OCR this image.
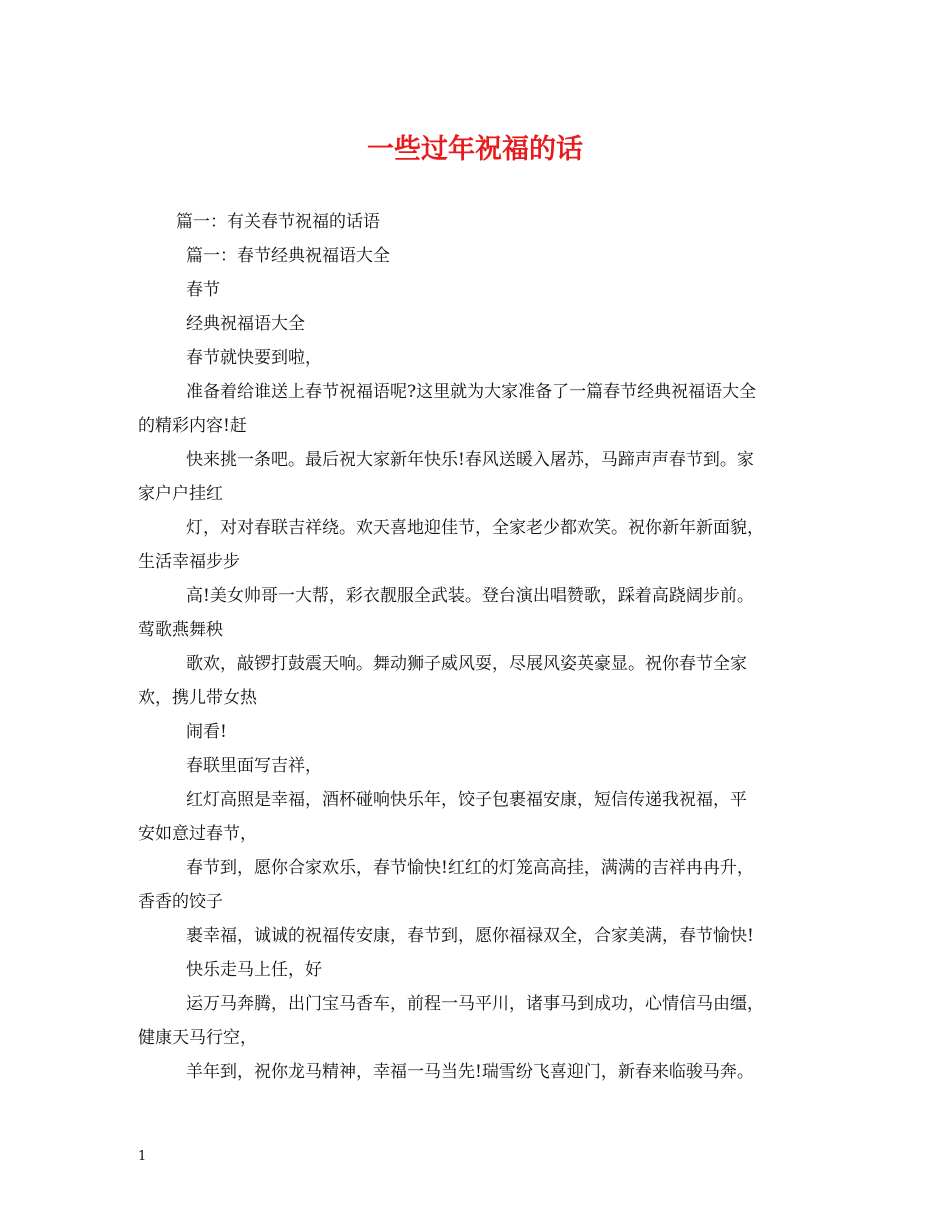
一些过年祝福的话
篇一：有关春节祝福的话语
篇一：春节经典祝福语大全
春节
经典祝福语大全
春节就快要到啦，
准备着给谁送上春节祝福语呢?这里就为大家准备了一篇春节经典祝福语大全
的精彩内容!赶
快来挑一条吧。最后祝大家新年快乐!春风送暖入屠苏，马蹄声声春节到。家
家户户挂红
灯，对对春联吉祥绕。欢天喜地迎佳节，全家老少都欢笑。祝你新年新面貌，
生活幸福步步
高!美女帅哥一大帮，彩衣靓服全武装。登台演出唱赞歌，踩着高跷阔步前。
莺歌燕舞秧
歌欢，敲锣打鼓震天响。舞动狮子威风耍，尽展风姿英豪显。祝你春节全家
欢，携儿带女热
闹看!
春联里面写吉祥，
红灯高照是幸福，酒杯碰响快乐年，饺子包裹福安康，短信传递我祝福，平
安如意过春节，
春节到，愿你合家欢乐，春节愉快!红红的灯笼高高挂，满满的吉祥冉冉升，
香香的饺子
裹幸福，诚诚的祝福传安康，春节到，愿你福禄双全，合家美满，春节愉快!
快乐走马上任，好
运万马奔腾，出门宝马香车，前程一马平川，诸事马到成功，心情信马由缰，
健康天马行空，
羊年到，祝你龙马精神，幸福一马当先!瑞雪纷飞喜迎门，新春来临骏马奔。
1
